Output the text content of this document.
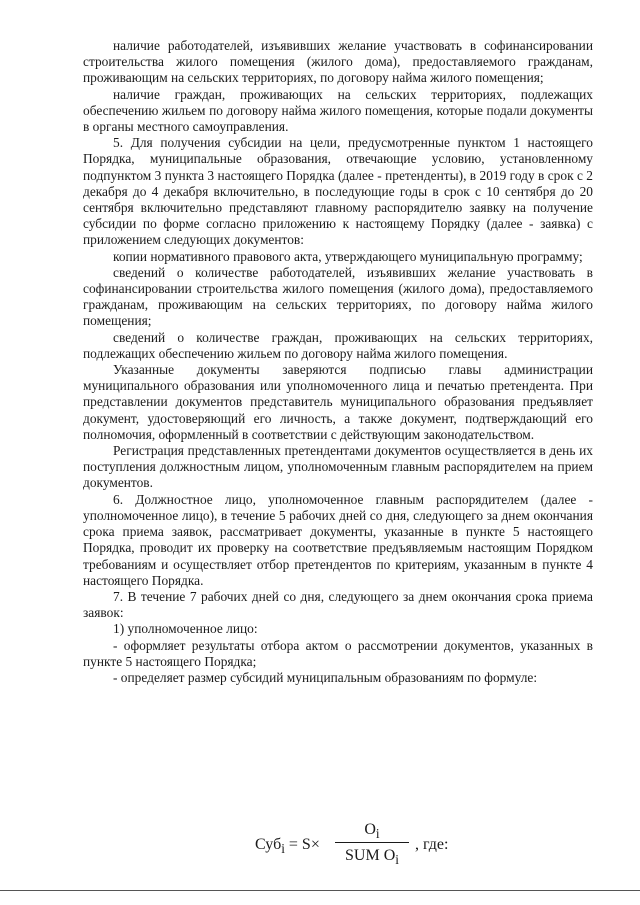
наличие работодателей, изъявивших желание участвовать в софинансировании строительства жилого помещения (жилого дома), предоставляемого гражданам, проживающим на сельских территориях, по договору найма жилого помещения;

наличие граждан, проживающих на сельских территориях, подлежащих обеспечению жильем по договору найма жилого помещения, которые подали документы в органы местного самоуправления.

5. Для получения субсидии на цели, предусмотренные пунктом 1 настоящего Порядка, муниципальные образования, отвечающие условию, установленному подпунктом 3 пункта 3 настоящего Порядка (далее - претенденты), в 2019 году в срок с 2 декабря до 4 декабря включительно, в последующие годы в срок с 10 сентября до 20 сентября включительно представляют главному распорядителю заявку на получение субсидии по форме согласно приложению к настоящему Порядку (далее - заявка) с приложением следующих документов:

копии нормативного правового акта, утверждающего муниципальную программу;

сведений о количестве работодателей, изъявивших желание участвовать в софинансировании строительства жилого помещения (жилого дома), предоставляемого гражданам, проживающим на сельских территориях, по договору найма жилого помещения;

сведений о количестве граждан, проживающих на сельских территориях, подлежащих обеспечению жильем по договору найма жилого помещения.

Указанные документы заверяются подписью главы администрации муниципального образования или уполномоченного лица и печатью претендента. При представлении документов представитель муниципального образования предъявляет документ, удостоверяющий его личность, а также документ, подтверждающий его полномочия, оформленный в соответствии с действующим законодательством.

Регистрация представленных претендентами документов осуществляется в день их поступления должностным лицом, уполномоченным главным распорядителем на прием документов.

6. Должностное лицо, уполномоченное главным распорядителем (далее - уполномоченное лицо), в течение 5 рабочих дней со дня, следующего за днем окончания срока приема заявок, рассматривает документы, указанные в пункте 5 настоящего Порядка, проводит их проверку на соответствие предъявляемым настоящим Порядком требованиям и осуществляет отбор претендентов по критериям, указанным в пункте 4 настоящего Порядка.

7. В течение 7 рабочих дней со дня, следующего за днем окончания срока приема заявок:

1) уполномоченное лицо:

- оформляет результаты отбора актом о рассмотрении документов, указанных в пункте 5 настоящего Порядка;

- определяет размер субсидий муниципальным образованиям по формуле:

Суб$_i$ = S×
$O_i$
SUM $O_i$
, где:
